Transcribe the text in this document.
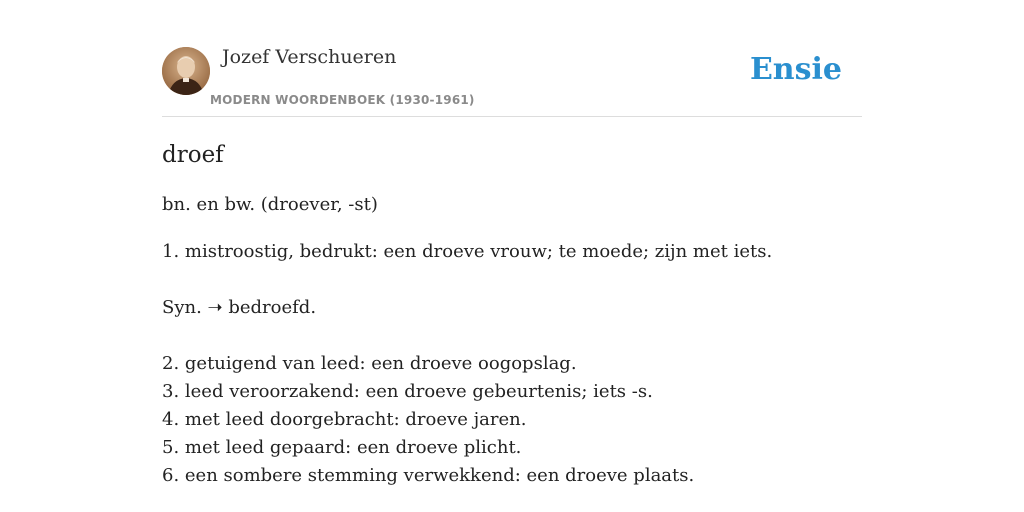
Jozef Verschueren
MODERN WOORDENBOEK (1930-1961)
Ensie
droef
bn. en bw. (droever, -st)
1. mistroostig, bedrukt: een droeve vrouw; te moede; zijn met iets.
Syn. ➝ bedroefd.
2. getuigend van leed: een droeve oogopslag.
3. leed veroorzakend: een droeve gebeurtenis; iets -s.
4. met leed doorgebracht: droeve jaren.
5. met leed gepaard: een droeve plicht.
6. een sombere stemming verwekkend: een droeve plaats.
